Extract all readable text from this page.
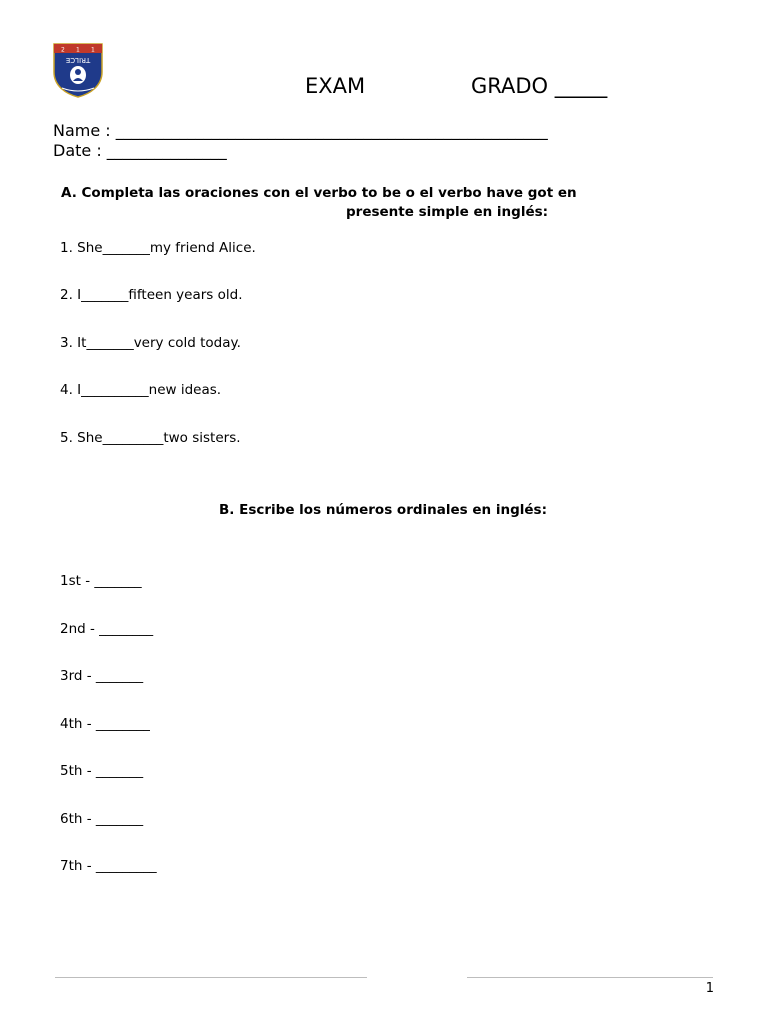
2 1 1
TRILCE
EXAM	GRADO _____
Name : ______________________________________________________
Date : _______________
A. Completa las oraciones con el verbo to be o el verbo have got en
presente simple en inglés:
1. She_______my friend Alice.
2. I_______fifteen years old.
3. It_______very cold today.
4. I__________new ideas.
5. She_________two sisters.
B. Escribe los números ordinales en inglés:
1st - _______
2nd - ________
3rd - _______
4th - ________
5th - _______
6th - _______
7th - _________
1
